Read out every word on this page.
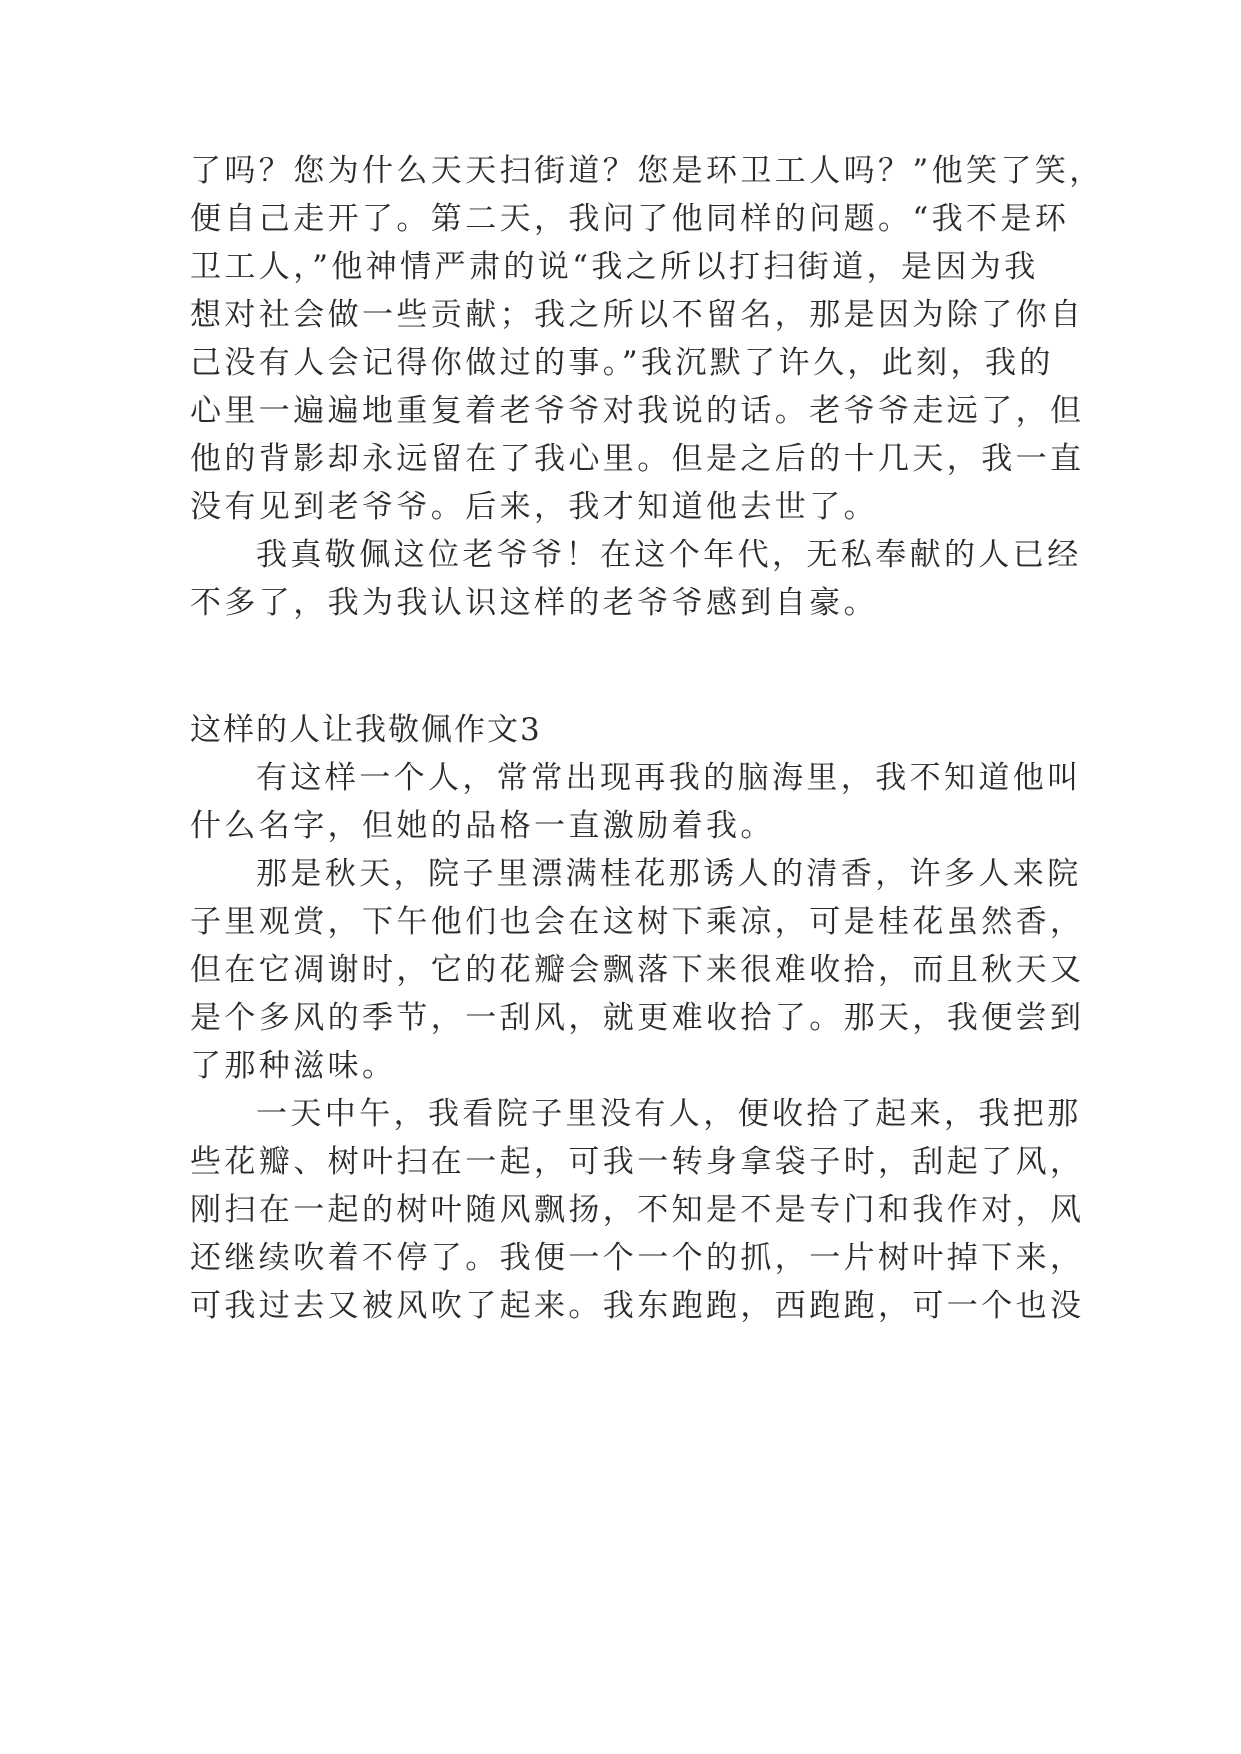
了吗？您为什么天天扫街道？您是环卫工人吗？”他笑了笑，

便自己走开了。第二天，我问了他同样的问题。“我不是环

卫工人，”他神情严肃的说“我之所以打扫街道，是因为我

想对社会做一些贡献；我之所以不留名，那是因为除了你自

己没有人会记得你做过的事。”我沉默了许久，此刻，我的

心里一遍遍地重复着老爷爷对我说的话。老爷爷走远了，但

他的背影却永远留在了我心里。但是之后的十几天，我一直

没有见到老爷爷。后来，我才知道他去世了。

我真敬佩这位老爷爷！在这个年代，无私奉献的人已经

不多了，我为我认识这样的老爷爷感到自豪。

这样的人让我敬佩作文3

有这样一个人，常常出现再我的脑海里，我不知道他叫

什么名字，但她的品格一直激励着我。

那是秋天，院子里漂满桂花那诱人的清香，许多人来院

子里观赏，下午他们也会在这树下乘凉，可是桂花虽然香，

但在它凋谢时，它的花瓣会飘落下来很难收拾，而且秋天又

是个多风的季节，一刮风，就更难收拾了。那天，我便尝到

了那种滋味。

一天中午，我看院子里没有人，便收拾了起来，我把那

些花瓣、树叶扫在一起，可我一转身拿袋子时，刮起了风，

刚扫在一起的树叶随风飘扬，不知是不是专门和我作对，风

还继续吹着不停了。我便一个一个的抓，一片树叶掉下来，

可我过去又被风吹了起来。我东跑跑，西跑跑，可一个也没
